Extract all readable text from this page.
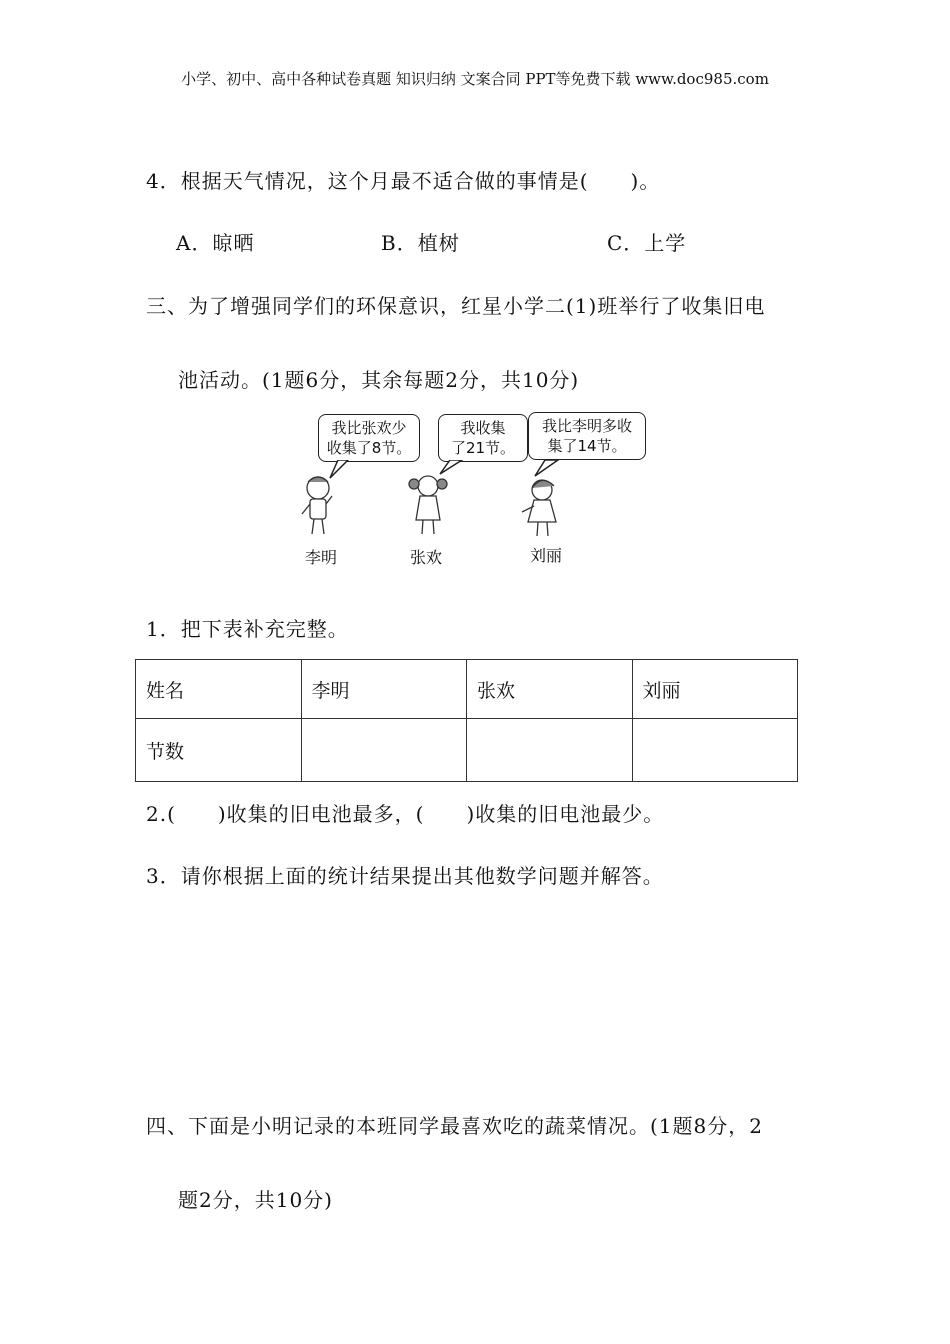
小学、初中、高中各种试卷真题 知识归纳 文案合同 PPT等免费下载 www.doc985.com
4．根据天气情况，这个月最不适合做的事情是(　　)。
A．晾晒	B．植树	C．上学
三、为了增强同学们的环保意识，红星小学二(1)班举行了收集旧电
池活动。(1题6分，其余每题2分，共10分)
我比张欢少
收集了8节。
我收集
了21节。
我比李明多收
集了14节。
李明	张欢	刘丽
1．把下表补充完整。
姓名	李明	张欢	刘丽
节数			
2.(　　)收集的旧电池最多，(　　)收集的旧电池最少。
3．请你根据上面的统计结果提出其他数学问题并解答。
四、下面是小明记录的本班同学最喜欢吃的蔬菜情况。(1题8分，2
题2分，共10分)
